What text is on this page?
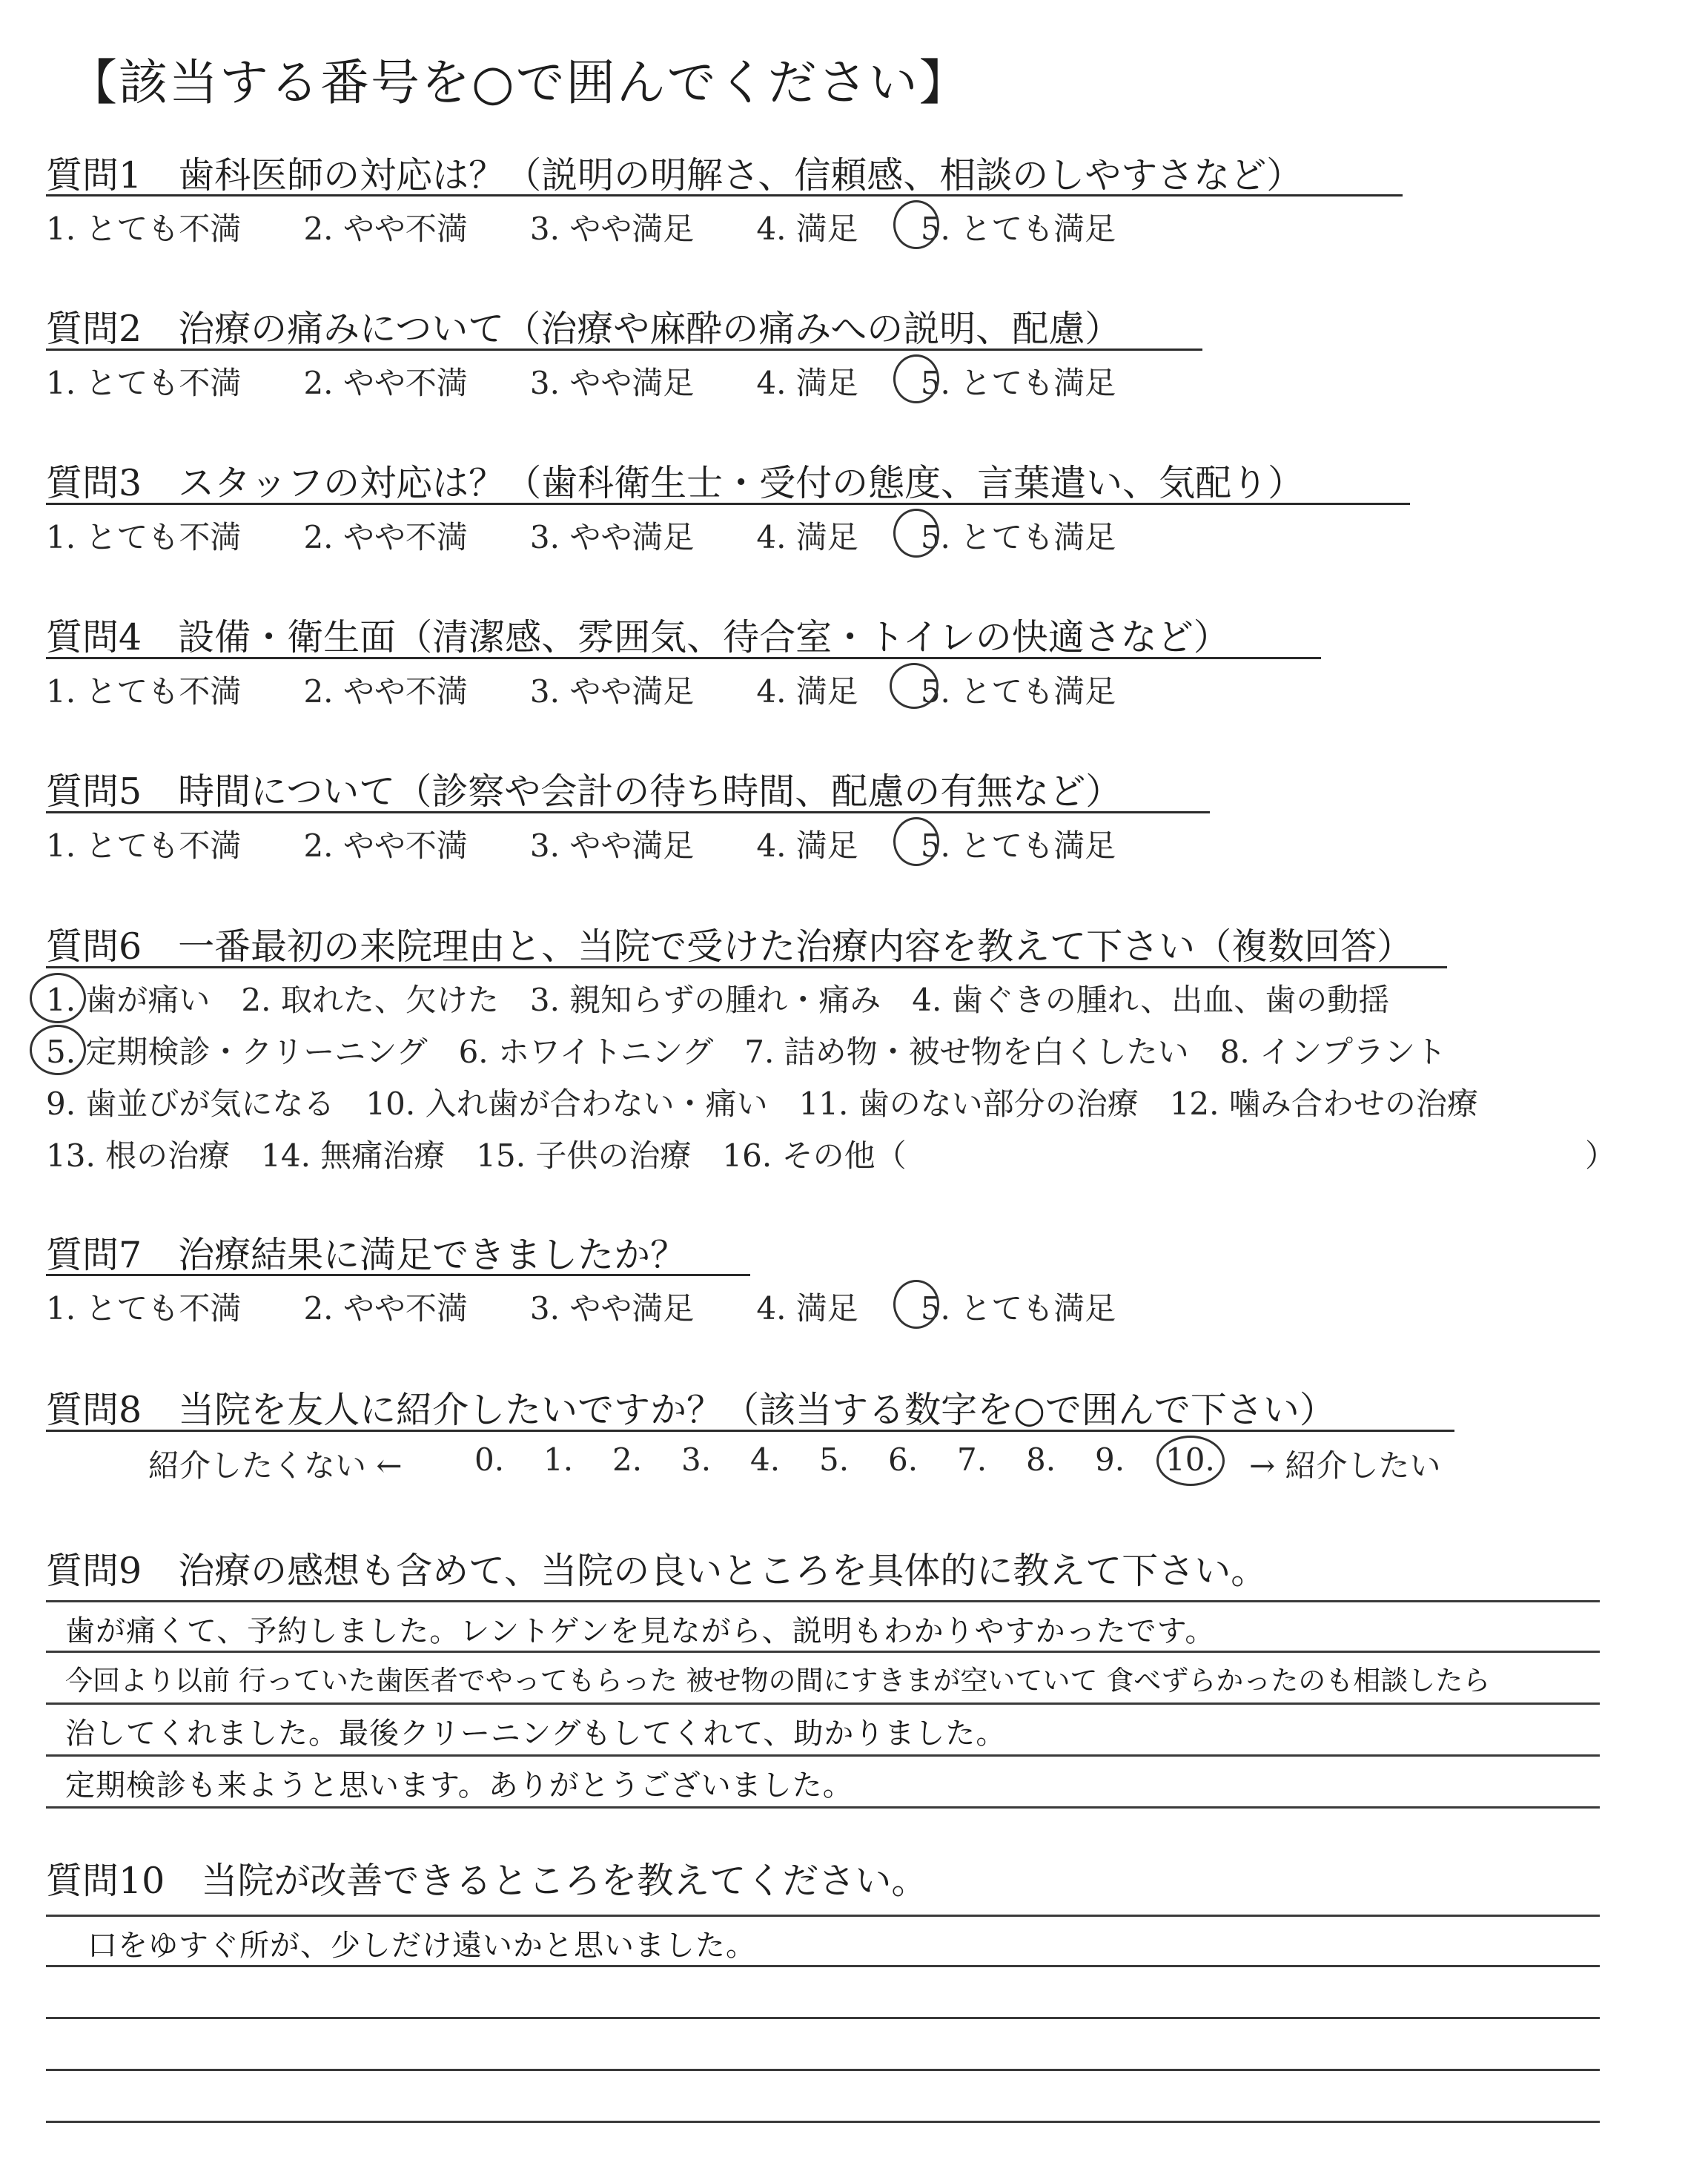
【該当する番号を○で囲んでください】
質問1　歯科医師の対応は？（説明の明解さ、信頼感、相談のしやすさなど）
1. とても不満　　 2. やや不満　　 3. やや満足　　 4. 満足　　 5. とても満足
質問2　治療の痛みについて（治療や麻酔の痛みへの説明、配慮）
1. とても不満　　 2. やや不満　　 3. やや満足　　 4. 満足　　 5. とても満足
質問3　スタッフの対応は？（歯科衛生士・受付の態度、言葉遣い、気配り）
1. とても不満　　 2. やや不満　　 3. やや満足　　 4. 満足　　 5. とても満足
質問4　設備・衛生面（清潔感、雰囲気、待合室・トイレの快適さなど）
1. とても不満　　 2. やや不満　　 3. やや満足　　 4. 満足　　 5. とても満足
質問5　時間について（診察や会計の待ち時間、配慮の有無など）
1. とても不満　　 2. やや不満　　 3. やや満足　　 4. 満足　　 5. とても満足
質問6　一番最初の来院理由と、当院で受けた治療内容を教えて下さい（複数回答）
1. 歯が痛い　2. 取れた、欠けた　3. 親知らずの腫れ・痛み　4. 歯ぐきの腫れ、出血、歯の動揺
5. 定期検診・クリーニング　6. ホワイトニング　7. 詰め物・被せ物を白くしたい　8. インプラント
9. 歯並びが気になる　10. 入れ歯が合わない・痛い　11. 歯のない部分の治療　12. 噛み合わせの治療
13. 根の治療　14. 無痛治療　15. 子供の治療　16. その他（	）
質問7　治療結果に満足できましたか？
1. とても不満　　 2. やや不満　　 3. やや満足　　 4. 満足　　 5. とても満足
質問8　当院を友人に紹介したいですか？（該当する数字を○で囲んで下さい）
紹介したくない ← 0. 1. 2. 3. 4. 5. 6. 7. 8. 9. 10. → 紹介したい
質問9　治療の感想も含めて、当院の良いところを具体的に教えて下さい。
歯が痛くて、予約しました。レントゲンを見ながら、説明もわかりやすかったです。
今回より以前 行っていた歯医者でやってもらった 被せ物の間にすきまが空いていて 食べずらかったのも相談したら
治してくれました。最後クリーニングもしてくれて、助かりました。
定期検診も来ようと思います。ありがとうございました。
質問10　当院が改善できるところを教えてください。
口をゆすぐ所が、少しだけ遠いかと思いました。
